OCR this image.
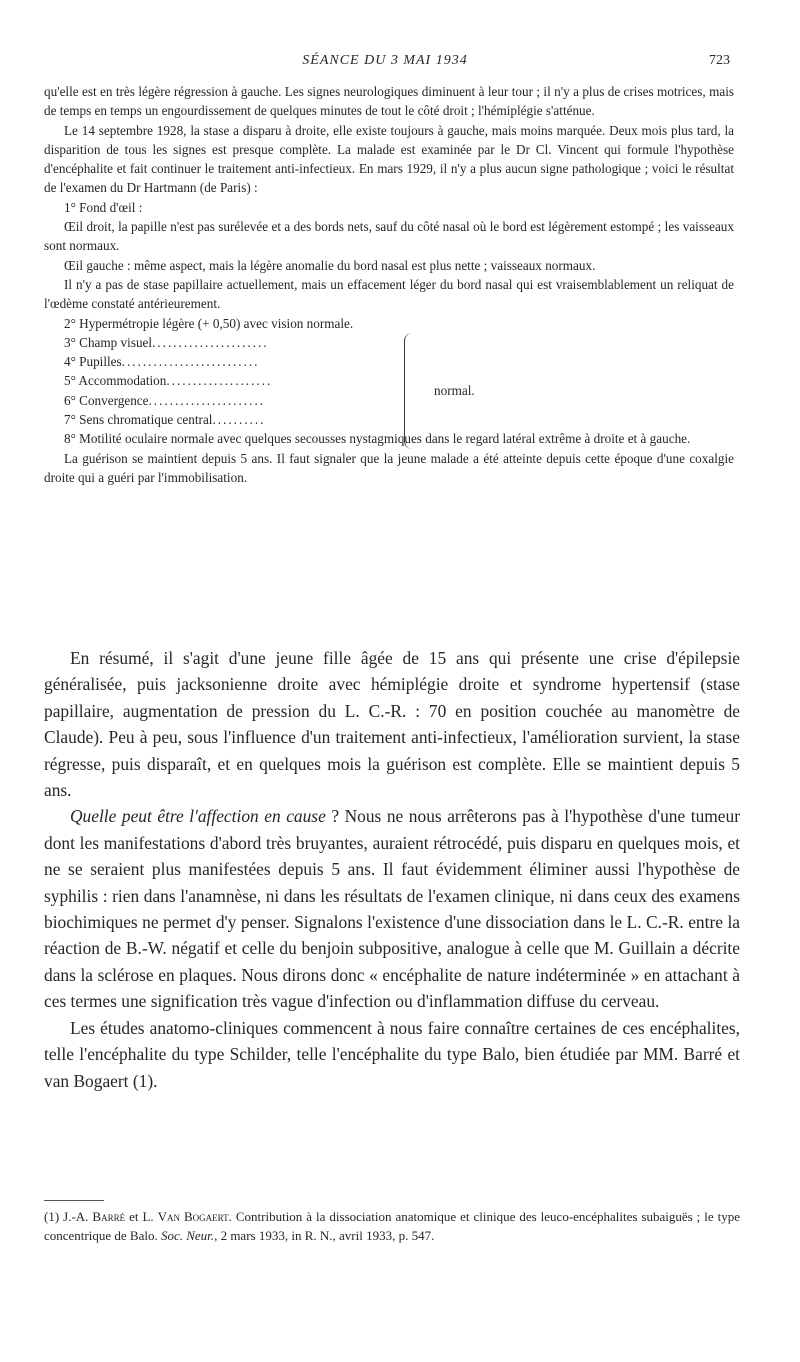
SÉANCE DU 3 MAI 1934	723

qu'elle est en très légère régression à gauche. Les signes neurologiques diminuent à leur tour ; il n'y a plus de crises motrices, mais de temps en temps un engourdissement de quelques minutes de tout le côté droit ; l'hémiplégie s'atténue.

Le 14 septembre 1928, la stase a disparu à droite, elle existe toujours à gauche, mais moins marquée. Deux mois plus tard, la disparition de tous les signes est presque complète. La malade est examinée par le Dr Cl. Vincent qui formule l'hypothèse d'encéphalite et fait continuer le traitement anti-infectieux. En mars 1929, il n'y a plus aucun signe pathologique ; voici le résultat de l'examen du Dr Hartmann (de Paris) :

1° Fond d'œil :

Œil droit, la papille n'est pas surélevée et a des bords nets, sauf du côté nasal où le bord est légèrement estompé ; les vaisseaux sont normaux.

Œil gauche : même aspect, mais la légère anomalie du bord nasal est plus nette ; vaisseaux normaux.

Il n'y a pas de stase papillaire actuellement, mais un effacement léger du bord nasal qui est vraisemblablement un reliquat de l'œdème constaté antérieurement.

2° Hypermétropie légère (+ 0,50) avec vision normale.

3° Champ visuel......................
4° Pupilles..........................
5° Accommodation....................
6° Convergence......................
7° Sens chromatique central..........
normal.

8° Motilité oculaire normale avec quelques secousses nystagmiques dans le regard latéral extrême à droite et à gauche.

La guérison se maintient depuis 5 ans. Il faut signaler que la jeune malade a été atteinte depuis cette époque d'une coxalgie droite qui a guéri par l'immobilisation.

En résumé, il s'agit d'une jeune fille âgée de 15 ans qui présente une crise d'épilepsie généralisée, puis jacksonienne droite avec hémiplégie droite et syndrome hypertensif (stase papillaire, augmentation de pression du L. C.-R. : 70 en position couchée au manomètre de Claude). Peu à peu, sous l'influence d'un traitement anti-infectieux, l'amélioration survient, la stase régresse, puis disparaît, et en quelques mois la guérison est complète. Elle se maintient depuis 5 ans.

Quelle peut être l'affection en cause ? Nous ne nous arrêterons pas à l'hypothèse d'une tumeur dont les manifestations d'abord très bruyantes, auraient rétrocédé, puis disparu en quelques mois, et ne se seraient plus manifestées depuis 5 ans. Il faut évidemment éliminer aussi l'hypothèse de syphilis : rien dans l'anamnèse, ni dans les résultats de l'examen clinique, ni dans ceux des examens biochimiques ne permet d'y penser. Signalons l'existence d'une dissociation dans le L. C.-R. entre la réaction de B.-W. négatif et celle du benjoin subpositive, analogue à celle que M. Guillain a décrite dans la sclérose en plaques. Nous dirons donc « encéphalite de nature indéterminée » en attachant à ces termes une signification très vague d'infection ou d'inflammation diffuse du cerveau.

Les études anatomo-cliniques commencent à nous faire connaître certaines de ces encéphalites, telle l'encéphalite du type Schilder, telle l'encéphalite du type Balo, bien étudiée par MM. Barré et van Bogaert (1).

(1) J.-A. Barré et L. Van Bogaert. Contribution à la dissociation anatomique et clinique des leuco-encéphalites subaiguës ; le type concentrique de Balo. Soc. Neur., 2 mars 1933, in R. N., avril 1933, p. 547.
